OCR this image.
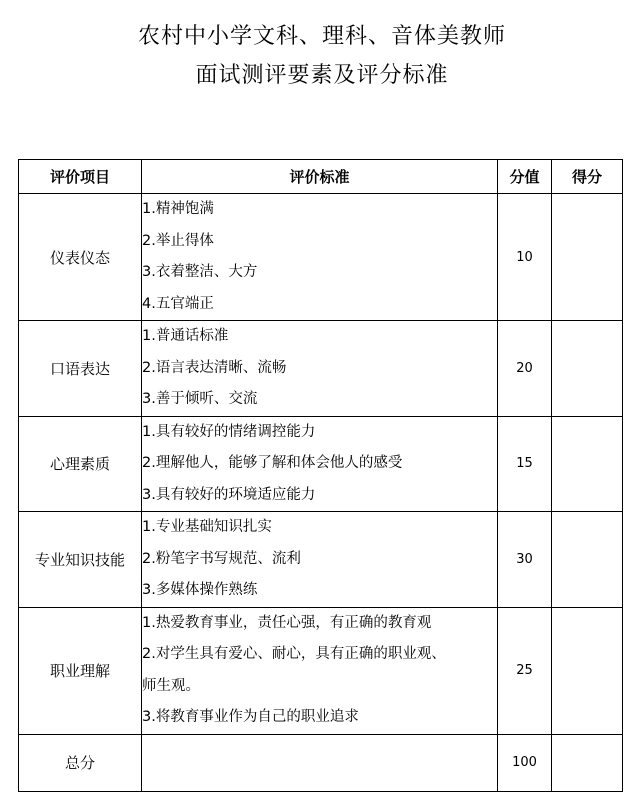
农村中小学文科、理科、音体美教师
面试测评要素及评分标准
评价项目	评价标准	分值	得分
仪表仪态	1.精神饱满
2.举止得体
3.衣着整洁、大方
4.五官端正	10	
口语表达	1.普通话标准
2.语言表达清晰、流畅
3.善于倾听、交流	20	
心理素质	1.具有较好的情绪调控能力
2.理解他人，能够了解和体会他人的感受
3.具有较好的环境适应能力	15	
专业知识技能	1.专业基础知识扎实
2.粉笔字书写规范、流利
3.多媒体操作熟练	30	
职业理解	1.热爱教育事业，责任心强，有正确的教育观
2.对学生具有爱心、耐心，具有正确的职业观、
师生观。
3.将教育事业作为自己的职业追求	25	
总分		100	
